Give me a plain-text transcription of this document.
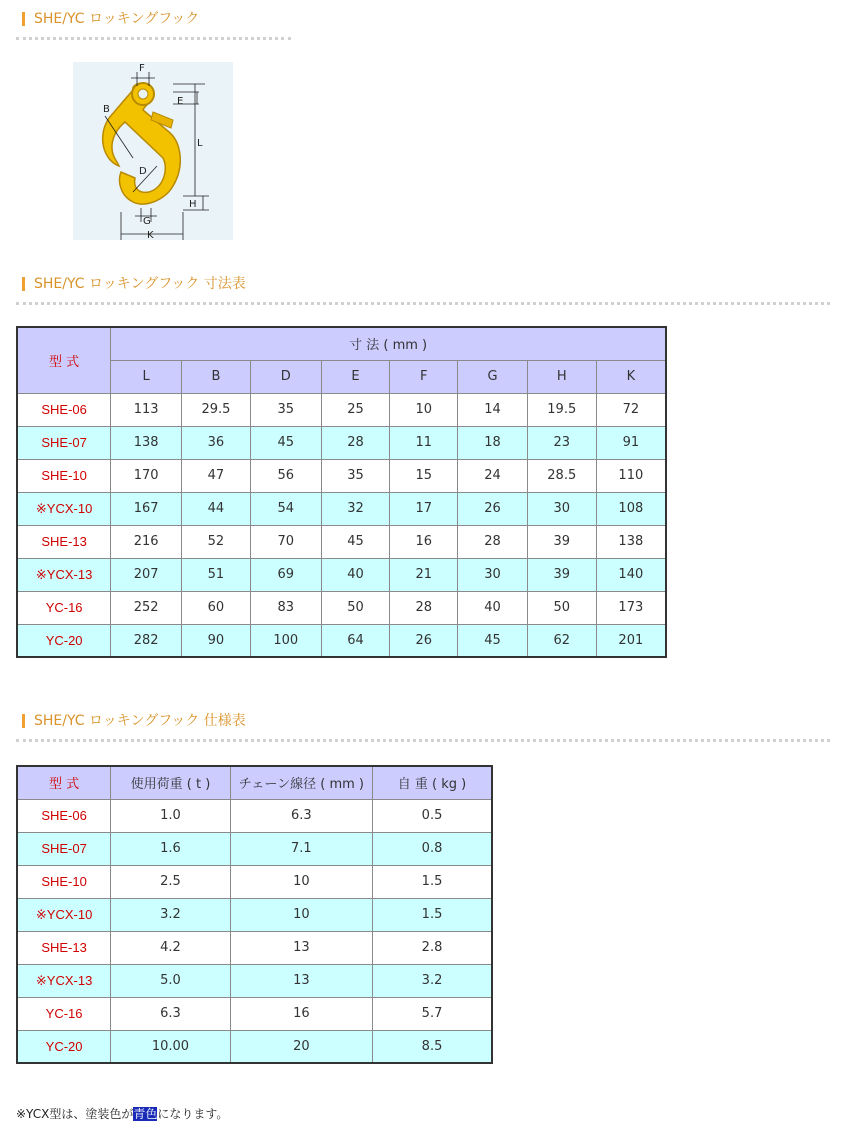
SHE/YC ロッキングフック
F
E
B
L
D
H
G
K
SHE/YC ロッキングフック 寸法表
型 式	寸 法 ( mm )							
	L	B	D	E	F	G	H	K
SHE-06	113	29.5	35	25	10	14	19.5	72
SHE-07	138	36	45	28	11	18	23	91
SHE-10	170	47	56	35	15	24	28.5	110
※YCX-10	167	44	54	32	17	26	30	108
SHE-13	216	52	70	45	16	28	39	138
※YCX-13	207	51	69	40	21	30	39	140
YC-16	252	60	83	50	28	40	50	173
YC-20	282	90	100	64	26	45	62	201
SHE/YC ロッキングフック 仕様表
型 式	使用荷重 ( t )	チェーン線径 ( mm )	自 重 ( kg )
SHE-06	1.0	6.3	0.5
SHE-07	1.6	7.1	0.8
SHE-10	2.5	10	1.5
※YCX-10	3.2	10	1.5
SHE-13	4.2	13	2.8
※YCX-13	5.0	13	3.2
YC-16	6.3	16	5.7
YC-20	10.00	20	8.5
※YCX型は、塗装色が青色になります。
